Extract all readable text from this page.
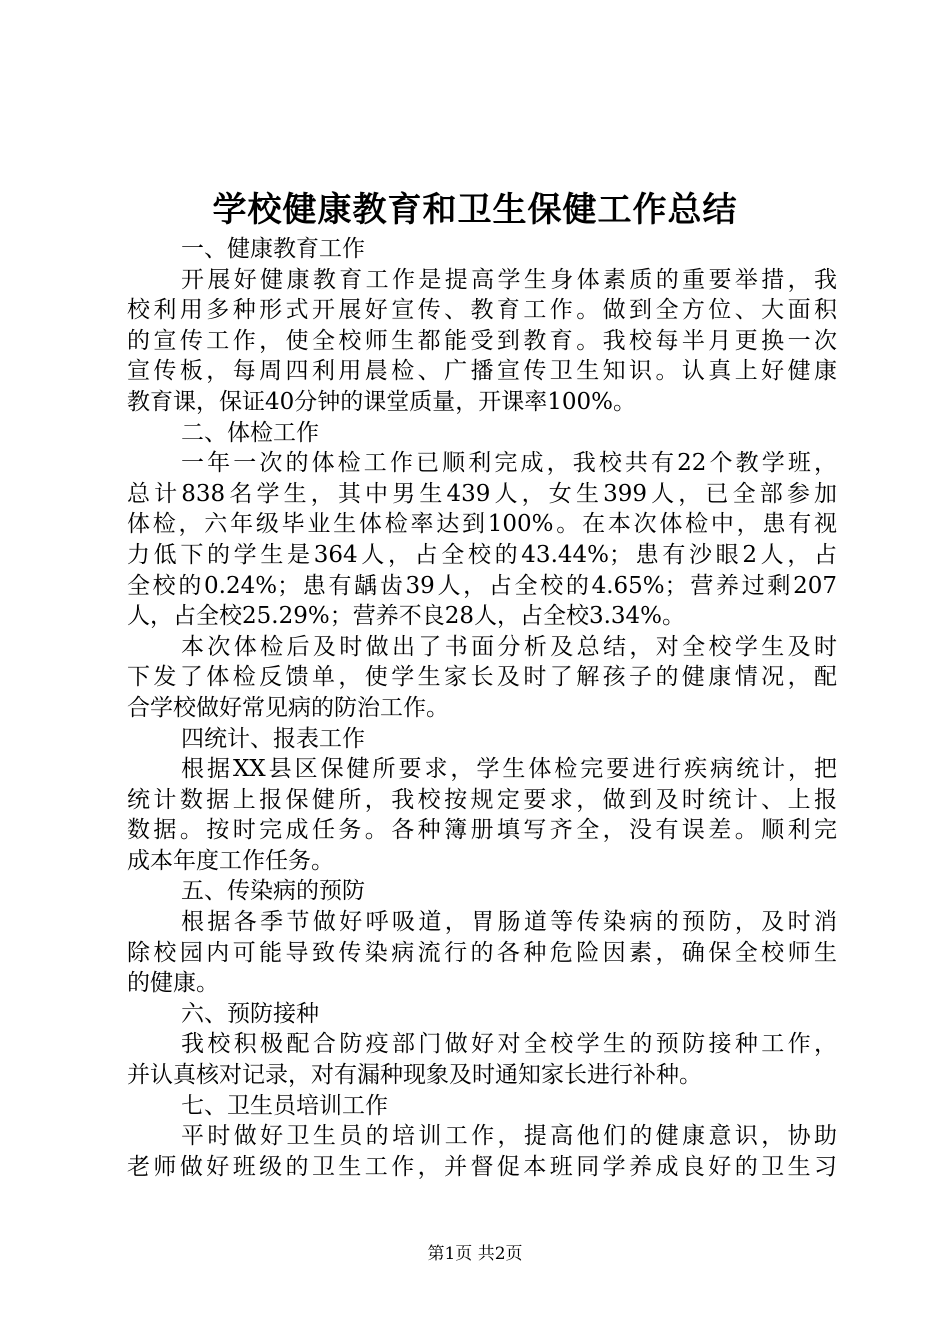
学校健康教育和卫生保健工作总结
一、健康教育工作
开展好健康教育工作是提高学生身体素质的重要举措，我
校利用多种形式开展好宣传、教育工作。做到全方位、大面积
的宣传工作，使全校师生都能受到教育。我校每半月更换一次
宣传板，每周四利用晨检、广播宣传卫生知识。认真上好健康
教育课，保证40分钟的课堂质量，开课率100%。
二、体检工作
一年一次的体检工作已顺利完成，我校共有22个教学班，
总计838名学生，其中男生439人，女生399人，已全部参加
体检，六年级毕业生体检率达到100%。在本次体检中，患有视
力低下的学生是364人，占全校的43.44%；患有沙眼2人，占
全校的0.24%；患有龋齿39人，占全校的4.65%；营养过剩207
人，占全校25.29%；营养不良28人，占全校3.34%。
本次体检后及时做出了书面分析及总结，对全校学生及时
下发了体检反馈单，使学生家长及时了解孩子的健康情况，配
合学校做好常见病的防治工作。
四统计、报表工作
根据XX县区保健所要求，学生体检完要进行疾病统计，把
统计数据上报保健所，我校按规定要求，做到及时统计、上报
数据。按时完成任务。各种簿册填写齐全，没有误差。顺利完
成本年度工作任务。
五、传染病的预防
根据各季节做好呼吸道，胃肠道等传染病的预防，及时消
除校园内可能导致传染病流行的各种危险因素，确保全校师生
的健康。
六、预防接种
我校积极配合防疫部门做好对全校学生的预防接种工作，
并认真核对记录，对有漏种现象及时通知家长进行补种。
七、卫生员培训工作
平时做好卫生员的培训工作，提高他们的健康意识，协助
老师做好班级的卫生工作，并督促本班同学养成良好的卫生习
第1页 共2页
